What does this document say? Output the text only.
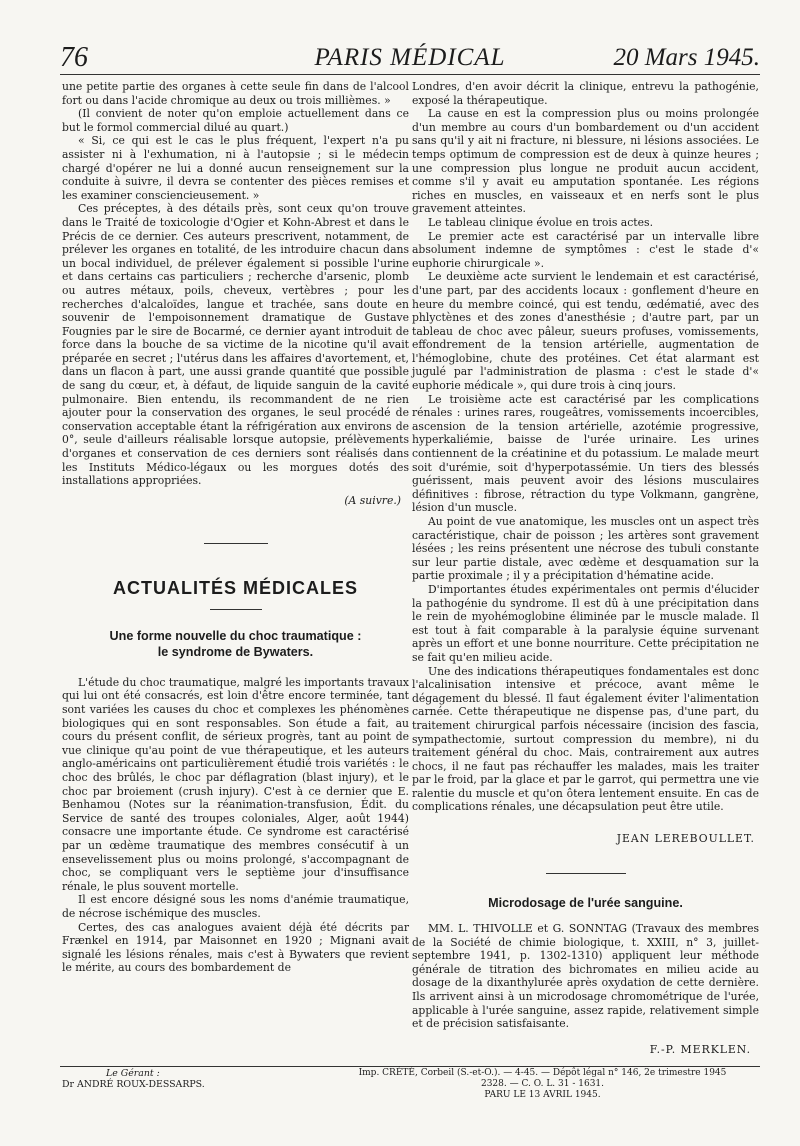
76	PARIS MÉDICAL	20 Mars 1945.

une petite partie des organes à cette seule fin dans de l'alcool fort ou dans l'acide chromique au deux ou trois millièmes. »

(Il convient de noter qu'on emploie actuellement dans ce but le formol commercial dilué au quart.)

« Si, ce qui est le cas le plus fréquent, l'expert n'a pu assister ni à l'exhumation, ni à l'autopsie ; si le médecin chargé d'opérer ne lui a donné aucun renseignement sur la conduite à suivre, il devra se contenter des pièces remises et les examiner consciencieusement. »

Ces préceptes, à des détails près, sont ceux qu'on trouve dans le Traité de toxicologie d'Ogier et Kohn-Abrest et dans le Précis de ce dernier. Ces auteurs prescrivent, notamment, de prélever les organes en totalité, de les introduire chacun dans un bocal individuel, de prélever également si possible l'urine et dans certains cas particuliers ; recherche d'arsenic, plomb ou autres métaux, poils, cheveux, vertèbres ; pour les recherches d'alcaloïdes, langue et trachée, sans doute en souvenir de l'empoisonnement dramatique de Gustave Fougnies par le sire de Bocarmé, ce dernier ayant introduit de force dans la bouche de sa victime de la nicotine qu'il avait préparée en secret ; l'utérus dans les affaires d'avortement, et, dans un flacon à part, une aussi grande quantité que possible de sang du cœur, et, à défaut, de liquide sanguin de la cavité pulmonaire. Bien entendu, ils recommandent de ne rien ajouter pour la conservation des organes, le seul procédé de conservation acceptable étant la réfrigération aux environs de 0°, seule d'ailleurs réalisable lorsque autopsie, prélèvements d'organes et conservation de ces derniers sont réalisés dans les Instituts Médico-légaux ou les morgues dotés des installations appropriées.

(A suivre.)
ACTUALITÉS MÉDICALES
Une forme nouvelle du choc traumatique :
le syndrome de Bywaters.

L'étude du choc traumatique, malgré les importants travaux qui lui ont été consacrés, est loin d'être encore terminée, tant sont variées les causes du choc et complexes les phénomènes biologiques qui en sont responsables. Son étude a fait, au cours du présent conflit, de sérieux progrès, tant au point de vue clinique qu'au point de vue thérapeutique, et les auteurs anglo-américains ont particulièrement étudié trois variétés : le choc des brûlés, le choc par déflagration (blast injury), et le choc par broiement (crush injury). C'est à ce dernier que E. Benhamou (Notes sur la réanimation-transfusion, Édit. du Service de santé des troupes coloniales, Alger, août 1944) consacre une importante étude. Ce syndrome est caractérisé par un œdème traumatique des membres consécutif à un ensevelissement plus ou moins prolongé, s'accompagnant de choc, se compliquant vers le septième jour d'insuffisance rénale, le plus souvent mortelle.

Il est encore désigné sous les noms d'anémie traumatique, de nécrose ischémique des muscles.

Certes, des cas analogues avaient déjà été décrits par Frænkel en 1914, par Maisonnet en 1920 ; Mignani avait signalé les lésions rénales, mais c'est à Bywaters que revient le mérite, au cours des bombardement de

Londres, d'en avoir décrit la clinique, entrevu la pathogénie, exposé la thérapeutique.

La cause en est la compression plus ou moins prolongée d'un membre au cours d'un bombardement ou d'un accident sans qu'il y ait ni fracture, ni blessure, ni lésions associées. Le temps optimum de compression est de deux à quinze heures ; une compression plus longue ne produit aucun accident, comme s'il y avait eu amputation spontanée. Les régions riches en muscles, en vaisseaux et en nerfs sont le plus gravement atteintes.

Le tableau clinique évolue en trois actes.

Le premier acte est caractérisé par un intervalle libre absolument indemne de symptômes : c'est le stade d'« euphorie chirurgicale ».

Le deuxième acte survient le lendemain et est caractérisé, d'une part, par des accidents locaux : gonflement d'heure en heure du membre coincé, qui est tendu, œdématié, avec des phlyctènes et des zones d'anesthésie ; d'autre part, par un tableau de choc avec pâleur, sueurs profuses, vomissements, effondrement de la tension artérielle, augmentation de l'hémoglobine, chute des protéines. Cet état alarmant est jugulé par l'administration de plasma : c'est le stade d'« euphorie médicale », qui dure trois à cinq jours.

Le troisième acte est caractérisé par les complications rénales : urines rares, rougeâtres, vomissements incoercibles, ascension de la tension artérielle, azotémie progressive, hyperkaliémie, baisse de l'urée urinaire. Les urines contiennent de la créatinine et du potassium. Le malade meurt soit d'urémie, soit d'hyperpotassémie. Un tiers des blessés guérissent, mais peuvent avoir des lésions musculaires définitives : fibrose, rétraction du type Volkmann, gangrène, lésion d'un muscle.

Au point de vue anatomique, les muscles ont un aspect très caractéristique, chair de poisson ; les artères sont gravement lésées ; les reins présentent une nécrose des tubuli constante sur leur partie distale, avec œdème et desquamation sur la partie proximale ; il y a précipitation d'hématine acide.

D'importantes études expérimentales ont permis d'élucider la pathogénie du syndrome. Il est dû à une précipitation dans le rein de myohémoglobine éliminée par le muscle malade. Il est tout à fait comparable à la paralysie équine survenant après un effort et une bonne nourriture. Cette précipitation ne se fait qu'en milieu acide.

Une des indications thérapeutiques fondamentales est donc l'alcalinisation intensive et précoce, avant même le dégagement du blessé. Il faut également éviter l'alimentation carnée. Cette thérapeutique ne dispense pas, d'une part, du traitement chirurgical parfois nécessaire (incision des fascia, sympathectomie, surtout compression du membre), ni du traitement général du choc. Mais, contrairement aux autres chocs, il ne faut pas réchauffer les malades, mais les traiter par le froid, par la glace et par le garrot, qui permettra une vie ralentie du muscle et qu'on ôtera lentement ensuite. En cas de complications rénales, une décapsulation peut être utile.

JEAN LEREBOULLET.
Microdosage de l'urée sanguine.

MM. L. THIVOLLE et G. SONNTAG (Travaux des membres de la Société de chimie biologique, t. XXIII, n° 3, juillet-septembre 1941, p. 1302-1310) appliquent leur méthode générale de titration des bichromates en milieu acide au dosage de la dixanthylurée après oxydation de cette dernière. Ils arrivent ainsi à un microdosage chromométrique de l'urée, applicable à l'urée sanguine, assez rapide, relativement simple et de précision satisfaisante.

F.-P. MERKLEN.
Le Gérant :
Dr ANDRÉ ROUX-DESSARPS.
Imp. CRÉTÉ, Corbeil (S.-et-O.). — 4-45. — Dépôt légal n° 146, 2e trimestre 1945
2328. — C. O. L. 31 - 1631.
PARU LE 13 AVRIL 1945.
